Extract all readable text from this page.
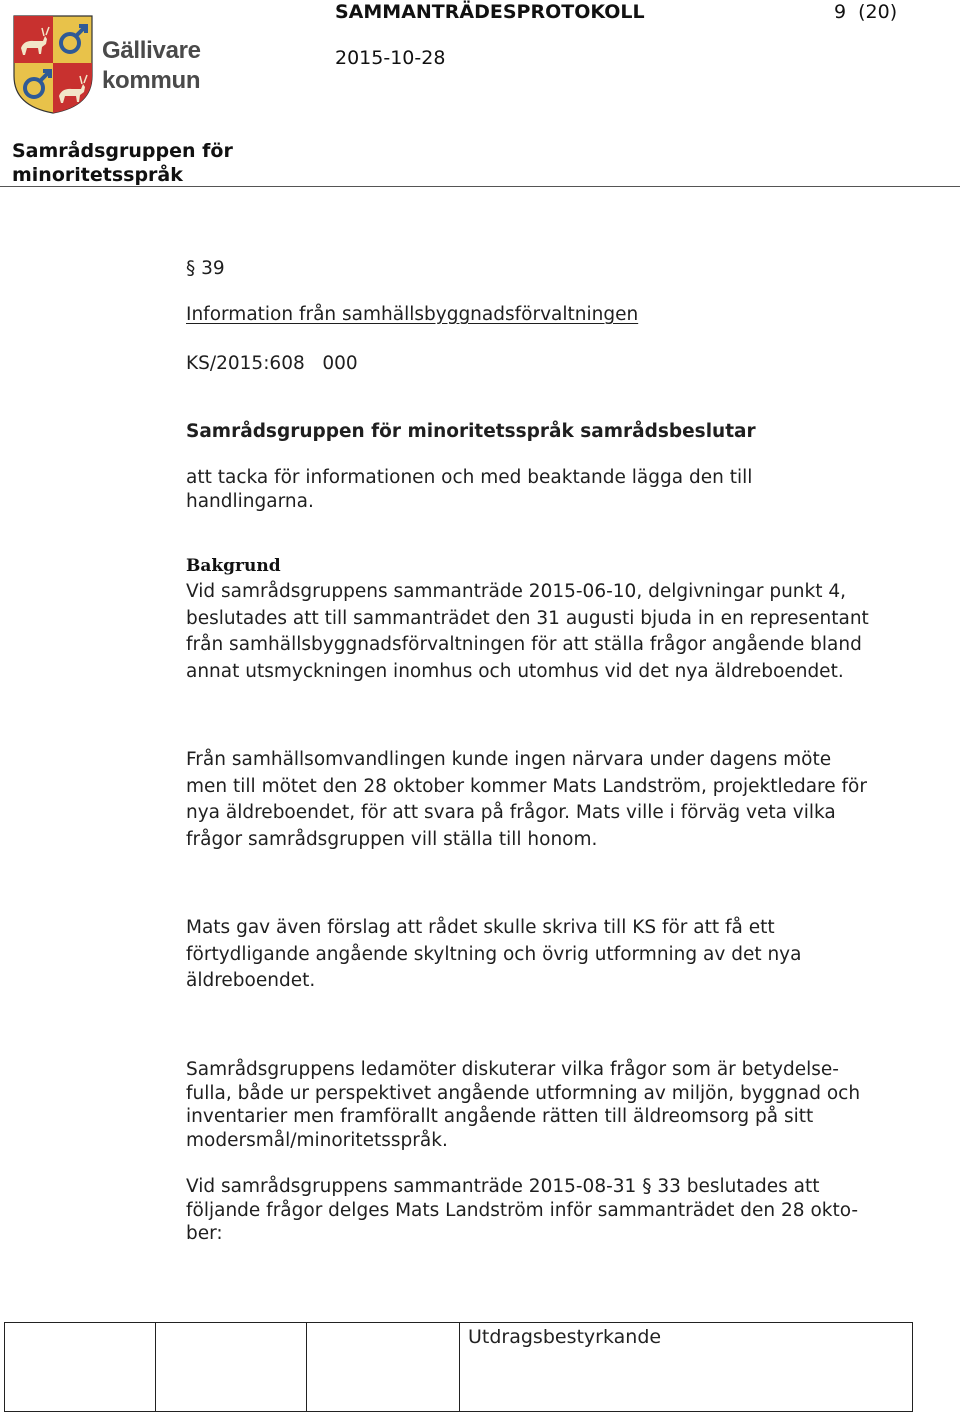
Gällivare
kommun
SAMMANTRÄDESPROTOKOLL	9 (20)
2015-10-28
Samrådsgruppen för
minoritetsspråk
§ 39
Information från samhällsbyggnadsförvaltningen
KS/2015:608   000
Samrådsgruppen för minoritetsspråk samrådsbeslutar
att tacka för informationen och med beaktande lägga den till
handlingarna.
Bakgrund
Vid samrådsgruppens sammanträde 2015-06-10, delgivningar punkt 4,
beslutades att till sammanträdet den 31 augusti bjuda in en representant
från samhällsbyggnadsförvaltningen för att ställa frågor angående bland
annat utsmyckningen inomhus och utomhus vid det nya äldreboendet.
Från samhällsomvandlingen kunde ingen närvara under dagens möte
men till mötet den 28 oktober kommer Mats Landström, projektledare för
nya äldreboendet, för att svara på frågor. Mats ville i förväg veta vilka
frågor samrådsgruppen vill ställa till honom.
Mats gav även förslag att rådet skulle skriva till KS för att få ett
förtydligande angående skyltning och övrig utformning av det nya
äldreboendet.
Samrådsgruppens ledamöter diskuterar vilka frågor som är betydelse-
fulla, både ur perspektivet angående utformning av miljön, byggnad och
inventarier men framförallt angående rätten till äldreomsorg på sitt
modersmål/minoritetsspråk.
Vid samrådsgruppens sammanträde 2015-08-31 § 33 beslutades att
följande frågor delges Mats Landström inför sammanträdet den 28 okto-
ber:

Utdragsbestyrkande
